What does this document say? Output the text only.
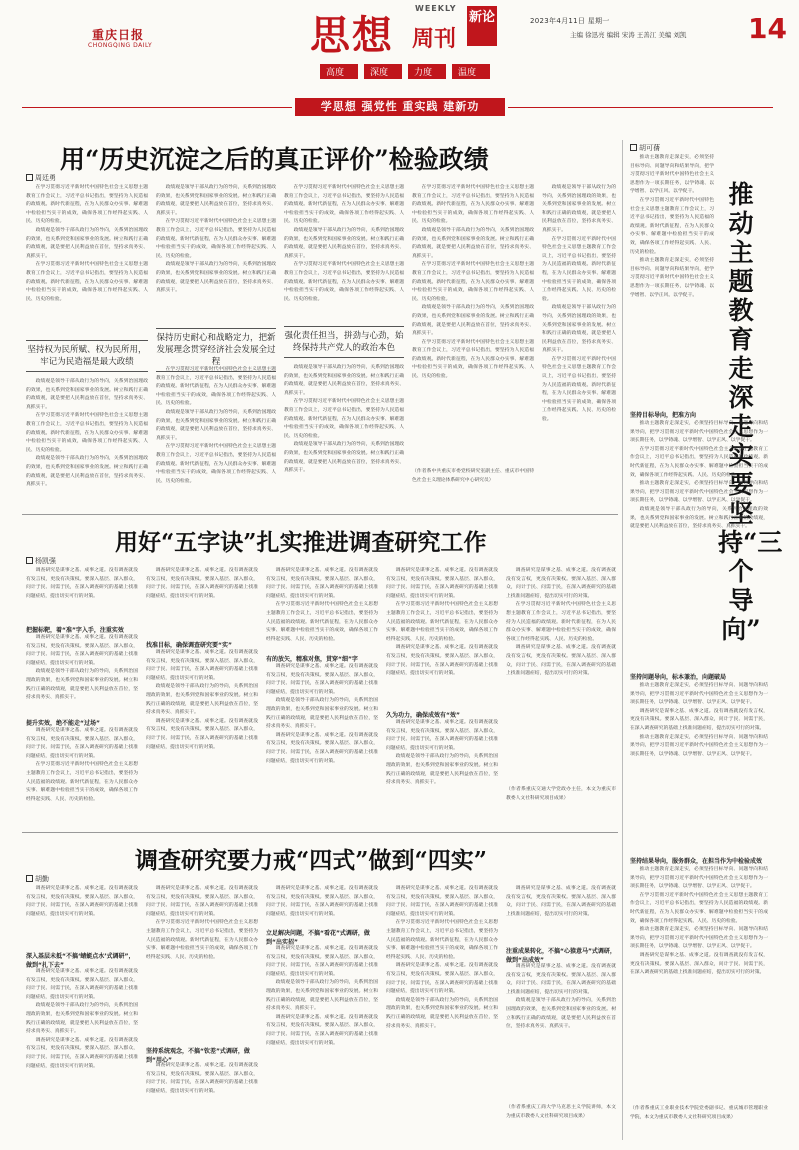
重庆日报
CHONGQING DAILY	思想
WEEKLY
周刊
新论	2023年4月11日 星期一
主编 徐迅亮 编辑 宋涛 王善江 美编 刘凯 14
高度	深度	力度	温度
学思想 强党性 重实践 建新功
用“历史沉淀之后的真正评价”检验政绩
周廷勇

在学习贯彻习近平新时代中国特色社会主义思想主题教育工作会议上，习近平总书记指出，要坚持为人民造福的政绩观。新时代新征程，在为人民群众办实事、解难题中检验担当实干的成效，确保各项工作经得起实践、人民、历史的检验。

政绩观是领导干部从政行为的导向，关系到治国理政的效果，也关系到党和国家事业的发展。树立和践行正确的政绩观，就是要把人民利益放在首位，坚持求真务实、真抓实干。

在学习贯彻习近平新时代中国特色社会主义思想主题教育工作会议上，习近平总书记指出，要坚持为人民造福的政绩观。新时代新征程，在为人民群众办实事、解难题中检验担当实干的成效，确保各项工作经得起实践、人民、历史的检验。

坚持权为民所赋、权为民所用，牢记为民造福是最大政绩

政绩观是领导干部从政行为的导向，关系到治国理政的效果，也关系到党和国家事业的发展。树立和践行正确的政绩观，就是要把人民利益放在首位，坚持求真务实、真抓实干。

在学习贯彻习近平新时代中国特色社会主义思想主题教育工作会议上，习近平总书记指出，要坚持为人民造福的政绩观。新时代新征程，在为人民群众办实事、解难题中检验担当实干的成效，确保各项工作经得起实践、人民、历史的检验。

政绩观是领导干部从政行为的导向，关系到治国理政的效果，也关系到党和国家事业的发展。树立和践行正确的政绩观，就是要把人民利益放在首位，坚持求真务实、真抓实干。

政绩观是领导干部从政行为的导向，关系到治国理政的效果，也关系到党和国家事业的发展。树立和践行正确的政绩观，就是要把人民利益放在首位，坚持求真务实、真抓实干。

在学习贯彻习近平新时代中国特色社会主义思想主题教育工作会议上，习近平总书记指出，要坚持为人民造福的政绩观。新时代新征程，在为人民群众办实事、解难题中检验担当实干的成效，确保各项工作经得起实践、人民、历史的检验。

政绩观是领导干部从政行为的导向，关系到治国理政的效果，也关系到党和国家事业的发展。树立和践行正确的政绩观，就是要把人民利益放在首位，坚持求真务实、真抓实干。

保持历史耐心和战略定力，把新发展理念贯穿经济社会发展全过程

在学习贯彻习近平新时代中国特色社会主义思想主题教育工作会议上，习近平总书记指出，要坚持为人民造福的政绩观。新时代新征程，在为人民群众办实事、解难题中检验担当实干的成效，确保各项工作经得起实践、人民、历史的检验。

政绩观是领导干部从政行为的导向，关系到治国理政的效果，也关系到党和国家事业的发展。树立和践行正确的政绩观，就是要把人民利益放在首位，坚持求真务实、真抓实干。

在学习贯彻习近平新时代中国特色社会主义思想主题教育工作会议上，习近平总书记指出，要坚持为人民造福的政绩观。新时代新征程，在为人民群众办实事、解难题中检验担当实干的成效，确保各项工作经得起实践、人民、历史的检验。

在学习贯彻习近平新时代中国特色社会主义思想主题教育工作会议上，习近平总书记指出，要坚持为人民造福的政绩观。新时代新征程，在为人民群众办实事、解难题中检验担当实干的成效，确保各项工作经得起实践、人民、历史的检验。

政绩观是领导干部从政行为的导向，关系到治国理政的效果，也关系到党和国家事业的发展。树立和践行正确的政绩观，就是要把人民利益放在首位，坚持求真务实、真抓实干。

在学习贯彻习近平新时代中国特色社会主义思想主题教育工作会议上，习近平总书记指出，要坚持为人民造福的政绩观。新时代新征程，在为人民群众办实事、解难题中检验担当实干的成效，确保各项工作经得起实践、人民、历史的检验。

强化责任担当，拼劲与心劲，始终保持共产党人的政治本色

政绩观是领导干部从政行为的导向，关系到治国理政的效果，也关系到党和国家事业的发展。树立和践行正确的政绩观，就是要把人民利益放在首位，坚持求真务实、真抓实干。

在学习贯彻习近平新时代中国特色社会主义思想主题教育工作会议上，习近平总书记指出，要坚持为人民造福的政绩观。新时代新征程，在为人民群众办实事、解难题中检验担当实干的成效，确保各项工作经得起实践、人民、历史的检验。

政绩观是领导干部从政行为的导向，关系到治国理政的效果，也关系到党和国家事业的发展。树立和践行正确的政绩观，就是要把人民利益放在首位，坚持求真务实、真抓实干。

在学习贯彻习近平新时代中国特色社会主义思想主题教育工作会议上，习近平总书记指出，要坚持为人民造福的政绩观。新时代新征程，在为人民群众办实事、解难题中检验担当实干的成效，确保各项工作经得起实践、人民、历史的检验。

政绩观是领导干部从政行为的导向，关系到治国理政的效果，也关系到党和国家事业的发展。树立和践行正确的政绩观，就是要把人民利益放在首位，坚持求真务实、真抓实干。

在学习贯彻习近平新时代中国特色社会主义思想主题教育工作会议上，习近平总书记指出，要坚持为人民造福的政绩观。新时代新征程，在为人民群众办实事、解难题中检验担当实干的成效，确保各项工作经得起实践、人民、历史的检验。

政绩观是领导干部从政行为的导向，关系到治国理政的效果，也关系到党和国家事业的发展。树立和践行正确的政绩观，就是要把人民利益放在首位，坚持求真务实、真抓实干。

在学习贯彻习近平新时代中国特色社会主义思想主题教育工作会议上，习近平总书记指出，要坚持为人民造福的政绩观。新时代新征程，在为人民群众办实事、解难题中检验担当实干的成效，确保各项工作经得起实践、人民、历史的检验。

（作者系中共重庆市委党校研究室副主任、重庆市中国特色社会主义理论体系研究中心研究员）

政绩观是领导干部从政行为的导向，关系到治国理政的效果，也关系到党和国家事业的发展。树立和践行正确的政绩观，就是要把人民利益放在首位，坚持求真务实、真抓实干。

在学习贯彻习近平新时代中国特色社会主义思想主题教育工作会议上，习近平总书记指出，要坚持为人民造福的政绩观。新时代新征程，在为人民群众办实事、解难题中检验担当实干的成效，确保各项工作经得起实践、人民、历史的检验。

政绩观是领导干部从政行为的导向，关系到治国理政的效果，也关系到党和国家事业的发展。树立和践行正确的政绩观，就是要把人民利益放在首位，坚持求真务实、真抓实干。

在学习贯彻习近平新时代中国特色社会主义思想主题教育工作会议上，习近平总书记指出，要坚持为人民造福的政绩观。新时代新征程，在为人民群众办实事、解难题中检验担当实干的成效，确保各项工作经得起实践、人民、历史的检验。

用好“五字诀”扎实推进调查研究工作
杨凯强

调查研究是谋事之基、成事之道。没有调查就没有发言权，更没有决策权。要深入基层、深入群众，问计于民、问需于民，在深入调查研究的基础上找准问题症结，提出切实可行的对策。

把握标靶，着“准”字入手，注重实效

调查研究是谋事之基、成事之道。没有调查就没有发言权，更没有决策权。要深入基层、深入群众，问计于民、问需于民，在深入调查研究的基础上找准问题症结，提出切实可行的对策。

政绩观是领导干部从政行为的导向，关系到治国理政的效果，也关系到党和国家事业的发展。树立和践行正确的政绩观，就是要把人民利益放在首位，坚持求真务实、真抓实干。

提升实效，绝不能走“过场”

调查研究是谋事之基、成事之道。没有调查就没有发言权，更没有决策权。要深入基层、深入群众，问计于民、问需于民，在深入调查研究的基础上找准问题症结，提出切实可行的对策。

在学习贯彻习近平新时代中国特色社会主义思想主题教育工作会议上，习近平总书记指出，要坚持为人民造福的政绩观。新时代新征程，在为人民群众办实事、解难题中检验担当实干的成效，确保各项工作经得起实践、人民、历史的检验。

调查研究是谋事之基、成事之道。没有调查就没有发言权，更没有决策权。要深入基层、深入群众，问计于民、问需于民，在深入调查研究的基础上找准问题症结，提出切实可行的对策。

找准目标，确保调查研究要“实”

调查研究是谋事之基、成事之道。没有调查就没有发言权，更没有决策权。要深入基层、深入群众，问计于民、问需于民，在深入调查研究的基础上找准问题症结，提出切实可行的对策。

政绩观是领导干部从政行为的导向，关系到治国理政的效果，也关系到党和国家事业的发展。树立和践行正确的政绩观，就是要把人民利益放在首位，坚持求真务实、真抓实干。

调查研究是谋事之基、成事之道。没有调查就没有发言权，更没有决策权。要深入基层、深入群众，问计于民、问需于民，在深入调查研究的基础上找准问题症结，提出切实可行的对策。

调查研究是谋事之基、成事之道。没有调查就没有发言权，更没有决策权。要深入基层、深入群众，问计于民、问需于民，在深入调查研究的基础上找准问题症结，提出切实可行的对策。

在学习贯彻习近平新时代中国特色社会主义思想主题教育工作会议上，习近平总书记指出，要坚持为人民造福的政绩观。新时代新征程，在为人民群众办实事、解难题中检验担当实干的成效，确保各项工作经得起实践、人民、历史的检验。

有的放矢，精准对焦，贯穿“细”字

调查研究是谋事之基、成事之道。没有调查就没有发言权，更没有决策权。要深入基层、深入群众，问计于民、问需于民，在深入调查研究的基础上找准问题症结，提出切实可行的对策。

政绩观是领导干部从政行为的导向，关系到治国理政的效果，也关系到党和国家事业的发展。树立和践行正确的政绩观，就是要把人民利益放在首位，坚持求真务实、真抓实干。

调查研究是谋事之基、成事之道。没有调查就没有发言权，更没有决策权。要深入基层、深入群众，问计于民、问需于民，在深入调查研究的基础上找准问题症结，提出切实可行的对策。

调查研究是谋事之基、成事之道。没有调查就没有发言权，更没有决策权。要深入基层、深入群众，问计于民、问需于民，在深入调查研究的基础上找准问题症结，提出切实可行的对策。

在学习贯彻习近平新时代中国特色社会主义思想主题教育工作会议上，习近平总书记指出，要坚持为人民造福的政绩观。新时代新征程，在为人民群众办实事、解难题中检验担当实干的成效，确保各项工作经得起实践、人民、历史的检验。

调查研究是谋事之基、成事之道。没有调查就没有发言权，更没有决策权。要深入基层、深入群众，问计于民、问需于民，在深入调查研究的基础上找准问题症结，提出切实可行的对策。

久为功力，确保成效有“效”

调查研究是谋事之基、成事之道。没有调查就没有发言权，更没有决策权。要深入基层、深入群众，问计于民、问需于民，在深入调查研究的基础上找准问题症结，提出切实可行的对策。

政绩观是领导干部从政行为的导向，关系到治国理政的效果，也关系到党和国家事业的发展。树立和践行正确的政绩观，就是要把人民利益放在首位，坚持求真务实、真抓实干。

调查研究是谋事之基、成事之道。没有调查就没有发言权，更没有决策权。要深入基层、深入群众，问计于民、问需于民，在深入调查研究的基础上找准问题症结，提出切实可行的对策。

在学习贯彻习近平新时代中国特色社会主义思想主题教育工作会议上，习近平总书记指出，要坚持为人民造福的政绩观。新时代新征程，在为人民群众办实事、解难题中检验担当实干的成效，确保各项工作经得起实践、人民、历史的检验。

调查研究是谋事之基、成事之道。没有调查就没有发言权，更没有决策权。要深入基层、深入群众，问计于民、问需于民，在深入调查研究的基础上找准问题症结，提出切实可行的对策。

（作者系重庆交通大学党政办主任，本文为重庆市教委人文社科研究项目成果）
调查研究要力戒“四式”做到“四实”
胡勤

调查研究是谋事之基、成事之道。没有调查就没有发言权，更没有决策权。要深入基层、深入群众，问计于民、问需于民，在深入调查研究的基础上找准问题症结，提出切实可行的对策。

深入基层未抵“不搞‘蜻蜓点水’式调研”，做到“扎下去”

调查研究是谋事之基、成事之道。没有调查就没有发言权，更没有决策权。要深入基层、深入群众，问计于民、问需于民，在深入调查研究的基础上找准问题症结，提出切实可行的对策。

政绩观是领导干部从政行为的导向，关系到治国理政的效果，也关系到党和国家事业的发展。树立和践行正确的政绩观，就是要把人民利益放在首位，坚持求真务实、真抓实干。

调查研究是谋事之基、成事之道。没有调查就没有发言权，更没有决策权。要深入基层、深入群众，问计于民、问需于民，在深入调查研究的基础上找准问题症结，提出切实可行的对策。

调查研究是谋事之基、成事之道。没有调查就没有发言权，更没有决策权。要深入基层、深入群众，问计于民、问需于民，在深入调查研究的基础上找准问题症结，提出切实可行的对策。

在学习贯彻习近平新时代中国特色社会主义思想主题教育工作会议上，习近平总书记指出，要坚持为人民造福的政绩观。新时代新征程，在为人民群众办实事、解难题中检验担当实干的成效，确保各项工作经得起实践、人民、历史的检验。

坚持系统观念，不搞“钦差”式调研，做到“用心”

调查研究是谋事之基、成事之道。没有调查就没有发言权，更没有决策权。要深入基层、深入群众，问计于民、问需于民，在深入调查研究的基础上找准问题症结，提出切实可行的对策。

调查研究是谋事之基、成事之道。没有调查就没有发言权，更没有决策权。要深入基层、深入群众，问计于民、问需于民，在深入调查研究的基础上找准问题症结，提出切实可行的对策。

立足解决问题，不搞“看花”式调研，做到“出实招”

调查研究是谋事之基、成事之道。没有调查就没有发言权，更没有决策权。要深入基层、深入群众，问计于民、问需于民，在深入调查研究的基础上找准问题症结，提出切实可行的对策。

政绩观是领导干部从政行为的导向，关系到治国理政的效果，也关系到党和国家事业的发展。树立和践行正确的政绩观，就是要把人民利益放在首位，坚持求真务实、真抓实干。

调查研究是谋事之基、成事之道。没有调查就没有发言权，更没有决策权。要深入基层、深入群众，问计于民、问需于民，在深入调查研究的基础上找准问题症结，提出切实可行的对策。

调查研究是谋事之基、成事之道。没有调查就没有发言权，更没有决策权。要深入基层、深入群众，问计于民、问需于民，在深入调查研究的基础上找准问题症结，提出切实可行的对策。

在学习贯彻习近平新时代中国特色社会主义思想主题教育工作会议上，习近平总书记指出，要坚持为人民造福的政绩观。新时代新征程，在为人民群众办实事、解难题中检验担当实干的成效，确保各项工作经得起实践、人民、历史的检验。

调查研究是谋事之基、成事之道。没有调查就没有发言权，更没有决策权。要深入基层、深入群众，问计于民、问需于民，在深入调查研究的基础上找准问题症结，提出切实可行的对策。

政绩观是领导干部从政行为的导向，关系到治国理政的效果，也关系到党和国家事业的发展。树立和践行正确的政绩观，就是要把人民利益放在首位，坚持求真务实、真抓实干。

调查研究是谋事之基、成事之道。没有调查就没有发言权，更没有决策权。要深入基层、深入群众，问计于民、问需于民，在深入调查研究的基础上找准问题症结，提出切实可行的对策。

注重成果转化，不搞“心猿意马”式调研，做到“出成效”

调查研究是谋事之基、成事之道。没有调查就没有发言权，更没有决策权。要深入基层、深入群众，问计于民、问需于民，在深入调查研究的基础上找准问题症结，提出切实可行的对策。

政绩观是领导干部从政行为的导向，关系到治国理政的效果，也关系到党和国家事业的发展。树立和践行正确的政绩观，就是要把人民利益放在首位，坚持求真务实、真抓实干。

（作者系重庆工商大学马克思主义学院讲师，本文为重庆市教委人文社科研究项目成果）
胡可蒨

推动主题教育走深走实，必须坚持目标导向、问题导向和结果导向，把学习贯彻习近平新时代中国特色社会主义思想作为一项长期任务，以学铸魂、以学增智、以学正风、以学促干。

在学习贯彻习近平新时代中国特色社会主义思想主题教育工作会议上，习近平总书记指出，要坚持为人民造福的政绩观。新时代新征程，在为人民群众办实事、解难题中检验担当实干的成效，确保各项工作经得起实践、人民、历史的检验。

推动主题教育走深走实，必须坚持目标导向、问题导向和结果导向，把学习贯彻习近平新时代中国特色社会主义思想作为一项长期任务，以学铸魂、以学增智、以学正风、以学促干。

推动主题教育走深走实要坚持“三个导向”
坚持目标导向，把准方向

推动主题教育走深走实，必须坚持目标导向、问题导向和结果导向，把学习贯彻习近平新时代中国特色社会主义思想作为一项长期任务，以学铸魂、以学增智、以学正风、以学促干。

在学习贯彻习近平新时代中国特色社会主义思想主题教育工作会议上，习近平总书记指出，要坚持为人民造福的政绩观。新时代新征程，在为人民群众办实事、解难题中检验担当实干的成效，确保各项工作经得起实践、人民、历史的检验。

推动主题教育走深走实，必须坚持目标导向、问题导向和结果导向，把学习贯彻习近平新时代中国特色社会主义思想作为一项长期任务，以学铸魂、以学增智、以学正风、以学促干。

政绩观是领导干部从政行为的导向，关系到治国理政的效果，也关系到党和国家事业的发展。树立和践行正确的政绩观，就是要把人民利益放在首位，坚持求真务实、真抓实干。

坚持问题导向，标本兼治，向题破局

推动主题教育走深走实，必须坚持目标导向、问题导向和结果导向，把学习贯彻习近平新时代中国特色社会主义思想作为一项长期任务，以学铸魂、以学增智、以学正风、以学促干。

调查研究是谋事之基、成事之道。没有调查就没有发言权，更没有决策权。要深入基层、深入群众，问计于民、问需于民，在深入调查研究的基础上找准问题症结，提出切实可行的对策。

推动主题教育走深走实，必须坚持目标导向、问题导向和结果导向，把学习贯彻习近平新时代中国特色社会主义思想作为一项长期任务，以学铸魂、以学增智、以学正风、以学促干。

坚持结果导向，服务群众，在担当作为中检验成效

推动主题教育走深走实，必须坚持目标导向、问题导向和结果导向，把学习贯彻习近平新时代中国特色社会主义思想作为一项长期任务，以学铸魂、以学增智、以学正风、以学促干。

在学习贯彻习近平新时代中国特色社会主义思想主题教育工作会议上，习近平总书记指出，要坚持为人民造福的政绩观。新时代新征程，在为人民群众办实事、解难题中检验担当实干的成效，确保各项工作经得起实践、人民、历史的检验。

推动主题教育走深走实，必须坚持目标导向、问题导向和结果导向，把学习贯彻习近平新时代中国特色社会主义思想作为一项长期任务，以学铸魂、以学增智、以学正风、以学促干。

调查研究是谋事之基、成事之道。没有调查就没有发言权，更没有决策权。要深入基层、深入群众，问计于民、问需于民，在深入调查研究的基础上找准问题症结，提出切实可行的对策。

（作者系重庆工业职业技术学院党委副书记、重庆城市管理职业学院，本文为重庆市教委人文社科研究项目成果）
